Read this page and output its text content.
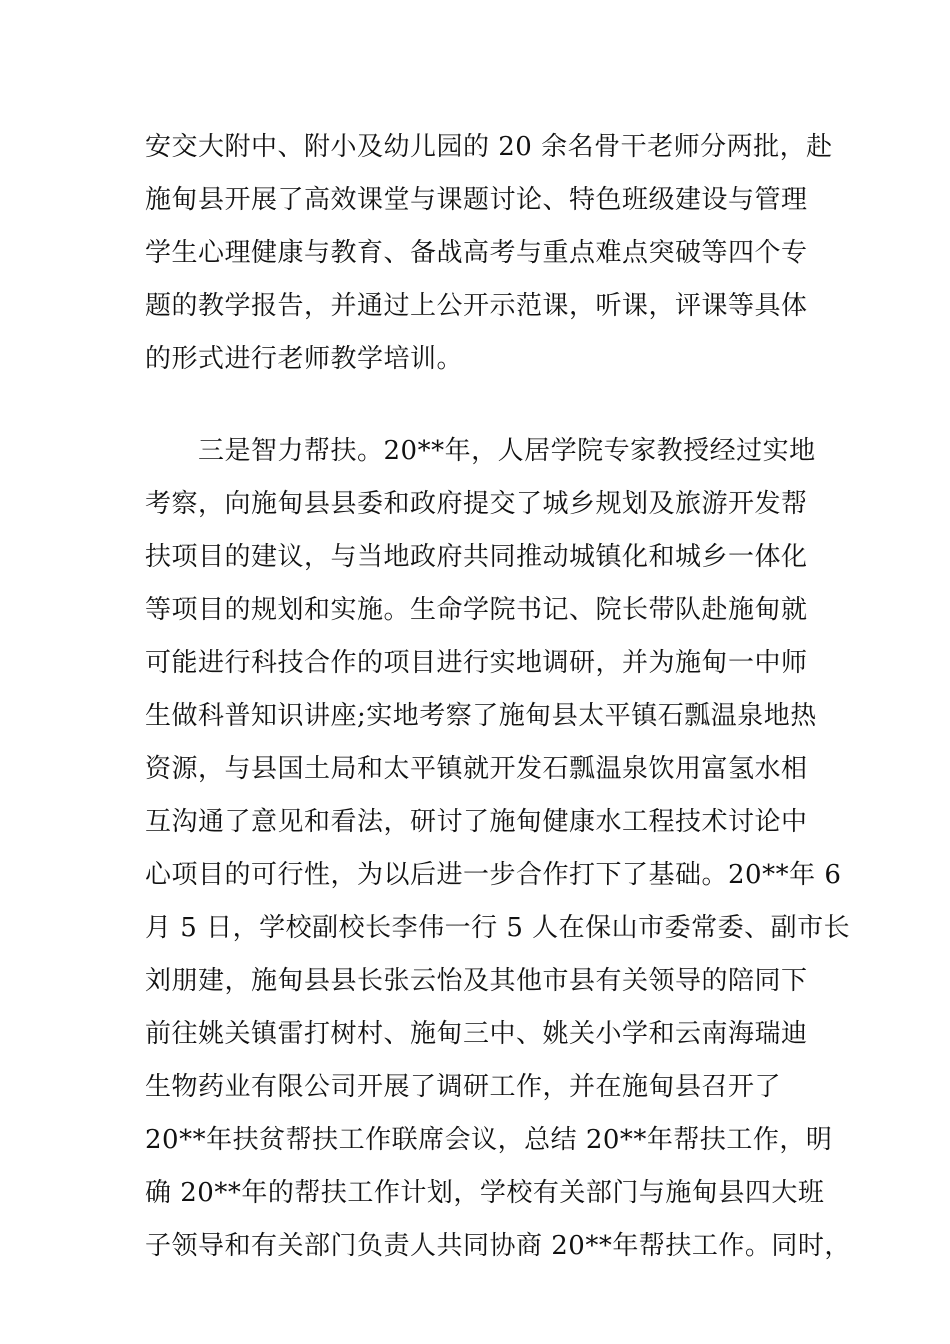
安交大附中、附小及幼儿园的 20 余名骨干老师分两批，赴
施甸县开展了高效课堂与课题讨论、特色班级建设与管理
学生心理健康与教育、备战高考与重点难点突破等四个专
题的教学报告，并通过上公开示范课，听课，评课等具体
的形式进行老师教学培训。
三是智力帮扶。20**年，人居学院专家教授经过实地
考察，向施甸县县委和政府提交了城乡规划及旅游开发帮
扶项目的建议，与当地政府共同推动城镇化和城乡一体化
等项目的规划和实施。生命学院书记、院长带队赴施甸就
可能进行科技合作的项目进行实地调研，并为施甸一中师
生做科普知识讲座;实地考察了施甸县太平镇石瓢温泉地热
资源，与县国土局和太平镇就开发石瓢温泉饮用富氢水相
互沟通了意见和看法，研讨了施甸健康水工程技术讨论中
心项目的可行性，为以后进一步合作打下了基础。20**年 6
月 5 日，学校副校长李伟一行 5 人在保山市委常委、副市长
刘朋建，施甸县县长张云怡及其他市县有关领导的陪同下
前往姚关镇雷打树村、施甸三中、姚关小学和云南海瑞迪
生物药业有限公司开展了调研工作，并在施甸县召开了
20**年扶贫帮扶工作联席会议，总结 20**年帮扶工作，明
确 20**年的帮扶工作计划，学校有关部门与施甸县四大班
子领导和有关部门负责人共同协商 20**年帮扶工作。同时，
